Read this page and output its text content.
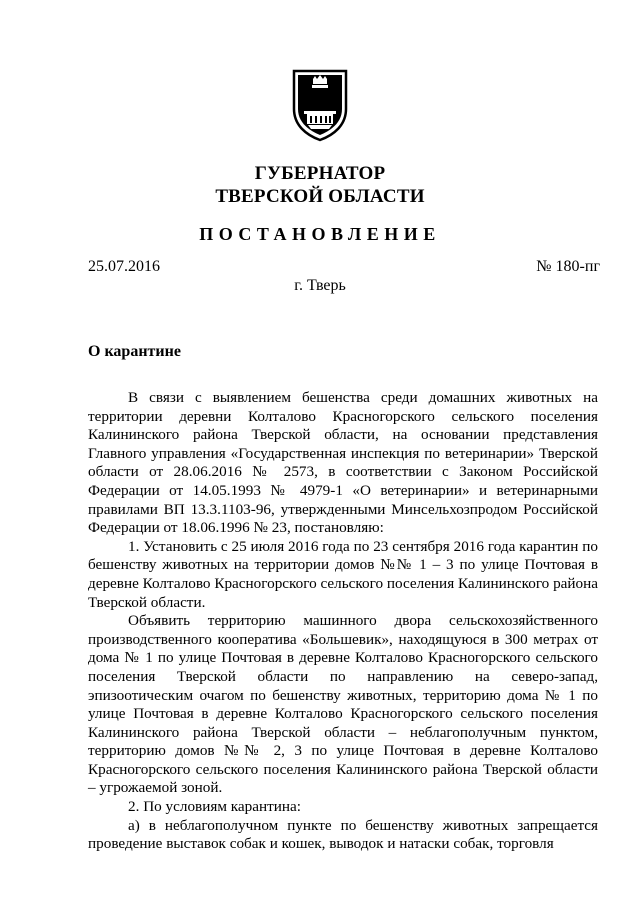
ГУБЕРНАТОР
ТВЕРСКОЙ ОБЛАСТИ
ПОСТАНОВЛЕНИЕ
25.07.2016	№ 180-пг
г. Тверь
О карантине

В связи с выявлением бешенства среди домашних животных на территории деревни Колталово Красногорского сельского поселения Калининского района Тверской области, на основании представления Главного управления «Государственная инспекция по ветеринарии» Тверской области от 28.06.2016 № 2573, в соответствии с Законом Российской Федерации от 14.05.1993 № 4979-1 «О ветеринарии» и ветеринарными правилами ВП 13.3.1103-96, утвержденными Минсельхозпродом Российской Федерации от 18.06.1996 № 23, постановляю:

1. Установить с 25 июля 2016 года по 23 сентября 2016 года карантин по бешенству животных на территории домов №№ 1 – 3 по улице Почтовая в деревне Колталово Красногорского сельского поселения Калининского района Тверской области.

Объявить территорию машинного двора сельскохозяйственного производственного кооператива «Большевик», находящуюся в 300 метрах от дома № 1 по улице Почтовая в деревне Колталово Красногорского сельского поселения Тверской области по направлению на северо-запад, эпизоотическим очагом по бешенству животных, территорию дома № 1 по улице Почтовая в деревне Колталово Красногорского сельского поселения Калининского района Тверской области – неблагополучным пунктом, территорию домов №№ 2, 3 по улице Почтовая в деревне Колталово Красногорского сельского поселения Калининского района Тверской области – угрожаемой зоной.

2. По условиям карантина:

а) в неблагополучном пункте по бешенству животных запрещается проведение выставок собак и кошек, выводок и натаски собак, торговля
